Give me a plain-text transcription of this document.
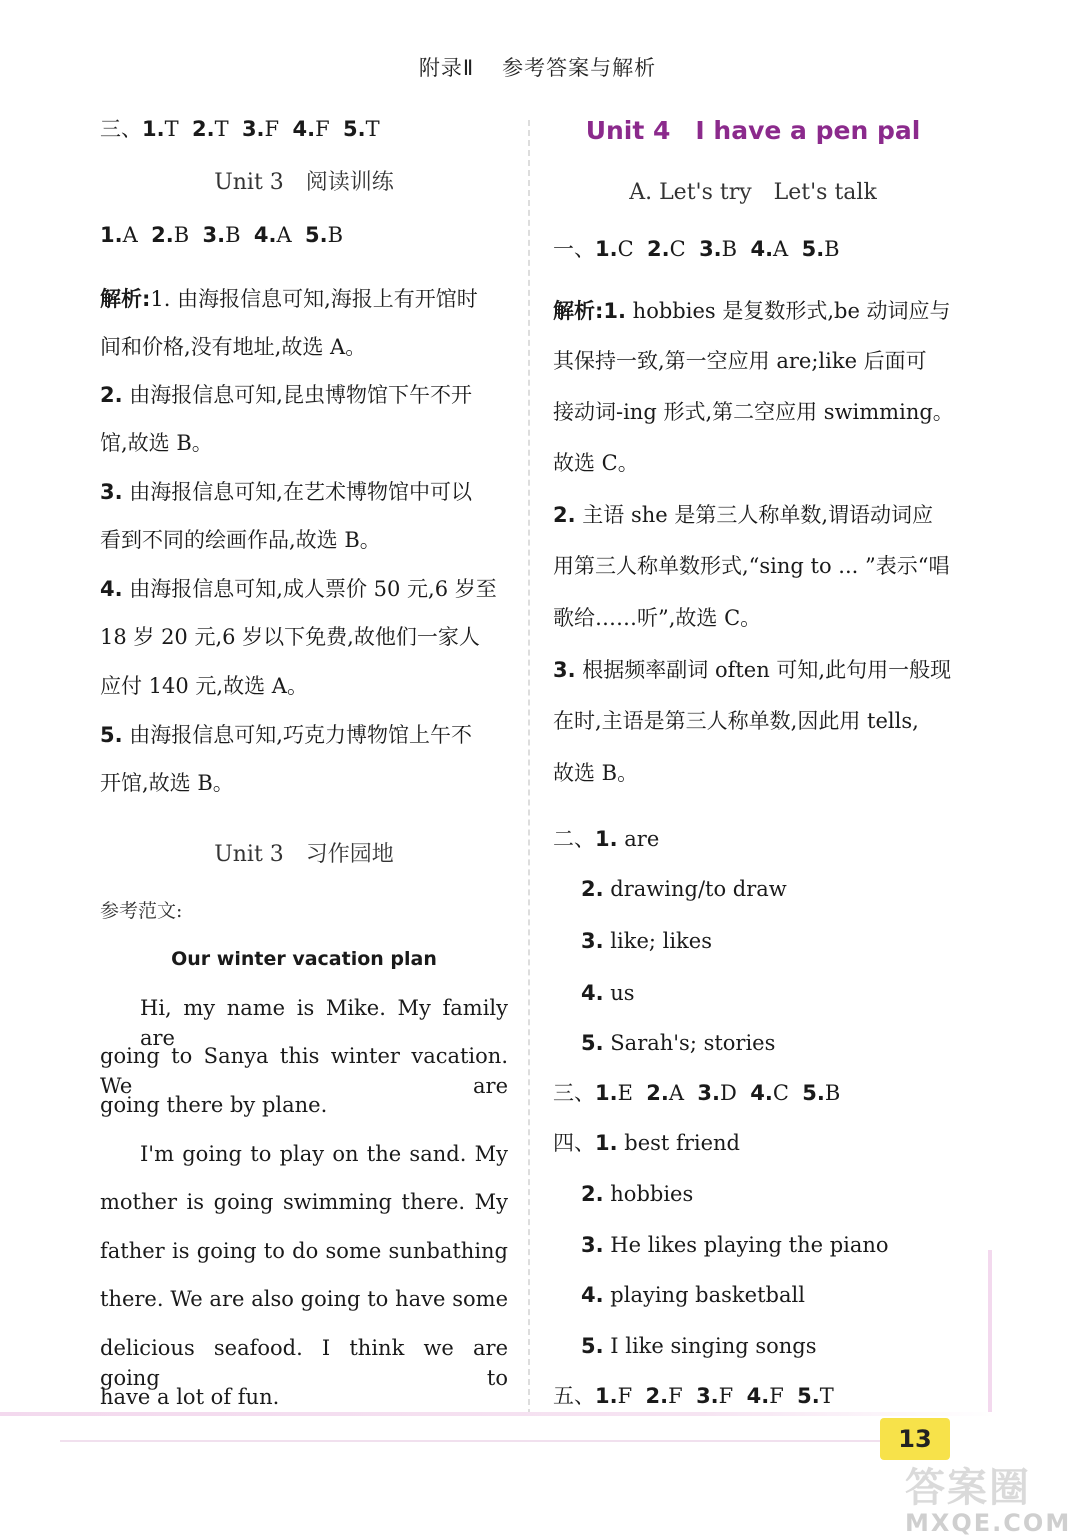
附录Ⅱ 参考答案与解析
三、1.T 2.T 3.F 4.F 5.T
Unit 3　阅读训练
1.A 2.B 3.B 4.A 5.B
解析:1. 由海报信息可知,海报上有开馆时
间和价格,没有地址,故选 A。
2. 由海报信息可知,昆虫博物馆下午不开
馆,故选 B。
3. 由海报信息可知,在艺术博物馆中可以
看到不同的绘画作品,故选 B。
4. 由海报信息可知,成人票价 50 元,6 岁至
18 岁 20 元,6 岁以下免费,故他们一家人
应付 140 元,故选 A。
5. 由海报信息可知,巧克力博物馆上午不
开馆,故选 B。
Unit 3　习作园地
参考范文:
Our winter vacation plan
Hi, my name is Mike. My family are
going to Sanya this winter vacation. We are
going there by plane.
I'm going to play on the sand. My
mother is going swimming there. My
father is going to do some sunbathing
there. We are also going to have some
delicious seafood. I think we are going to
have a lot of fun.
Unit 4　I have a pen pal
A. Let's try　Let's talk
一、1.C 2.C 3.B 4.A 5.B
解析:1. hobbies 是复数形式,be 动词应与
其保持一致,第一空应用 are;like 后面可
接动词-ing 形式,第二空应用 swimming。
故选 C。
2. 主语 she 是第三人称单数,谓语动词应
用第三人称单数形式,“sing to ... ”表示“唱
歌给……听”,故选 C。
3. 根据频率副词 often 可知,此句用一般现
在时,主语是第三人称单数,因此用 tells,
故选 B。
二、1. are
2. drawing/to draw
3. like; likes
4. us
5. Sarah's; stories
三、1.E 2.A 3.D 4.C 5.B
四、1. best friend
2. hobbies
3. He likes playing the piano
4. playing basketball
5. I like singing songs
五、1.F 2.F 3.F 4.F 5.T
13
答案圈
MXQE.COM
